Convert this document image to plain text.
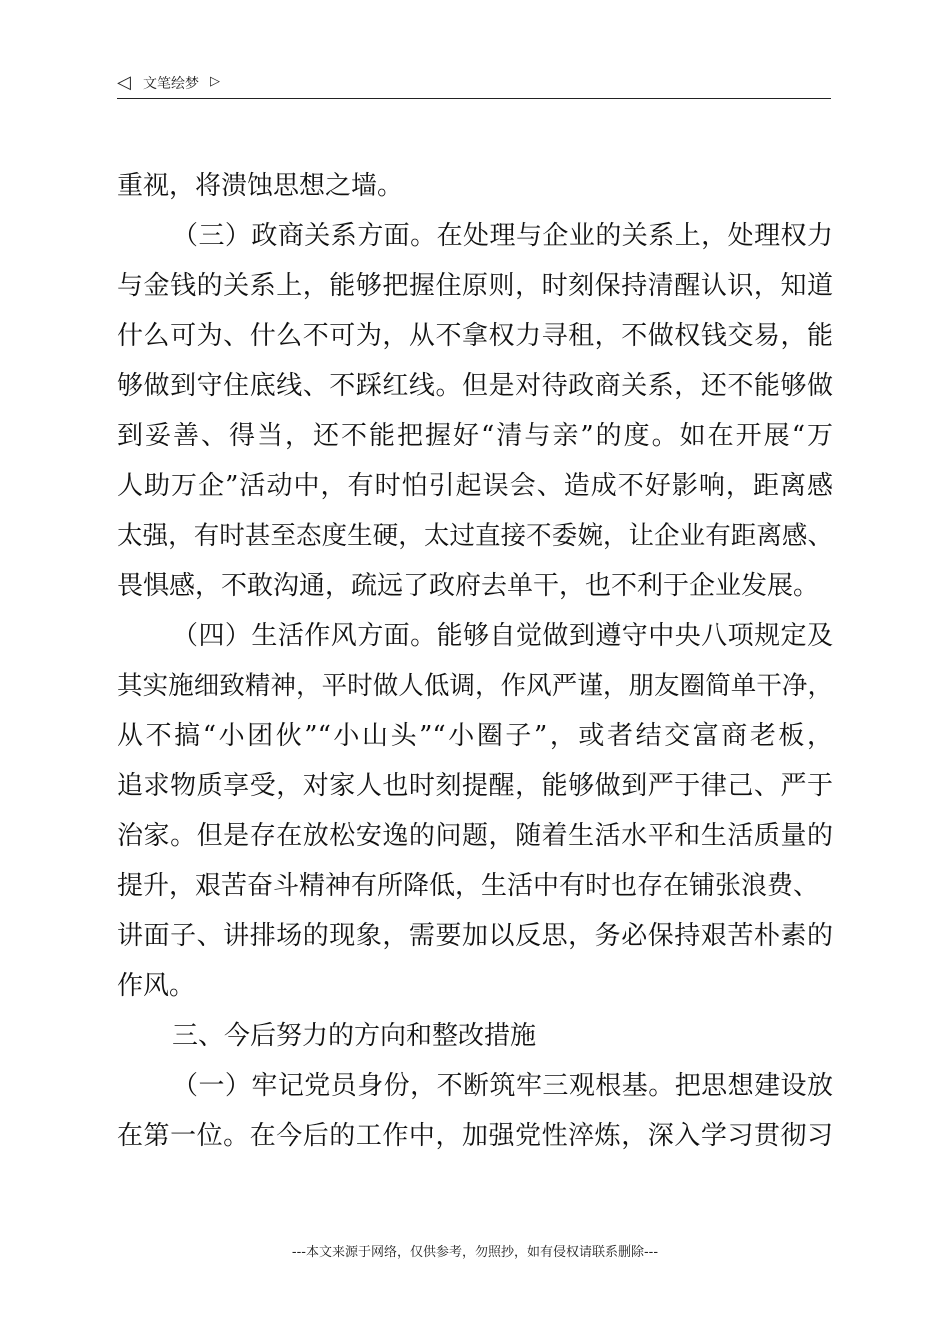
◁ 文笔绘梦 ▷
重视，将溃蚀思想之墙。
（三）政商关系方面。在处理与企业的关系上，处理权力
与金钱的关系上，能够把握住原则，时刻保持清醒认识，知道
什么可为、什么不可为，从不拿权力寻租，不做权钱交易，能
够做到守住底线、不踩红线。但是对待政商关系，还不能够做
到妥善、得当，还不能把握好“清与亲”的度。如在开展“万
人助万企”活动中，有时怕引起误会、造成不好影响，距离感
太强，有时甚至态度生硬，太过直接不委婉，让企业有距离感、
畏惧感，不敢沟通，疏远了政府去单干，也不利于企业发展。
（四）生活作风方面。能够自觉做到遵守中央八项规定及
其实施细致精神，平时做人低调，作风严谨，朋友圈简单干净，
从不搞“小团伙”“小山头”“小圈子”，或者结交富商老板，
追求物质享受，对家人也时刻提醒，能够做到严于律己、严于
治家。但是存在放松安逸的问题，随着生活水平和生活质量的
提升，艰苦奋斗精神有所降低，生活中有时也存在铺张浪费、
讲面子、讲排场的现象，需要加以反思，务必保持艰苦朴素的
作风。
三、今后努力的方向和整改措施
（一）牢记党员身份，不断筑牢三观根基。把思想建设放
在第一位。在今后的工作中，加强党性淬炼，深入学习贯彻习
---本文来源于网络，仅供参考，勿照抄，如有侵权请联系删除---
